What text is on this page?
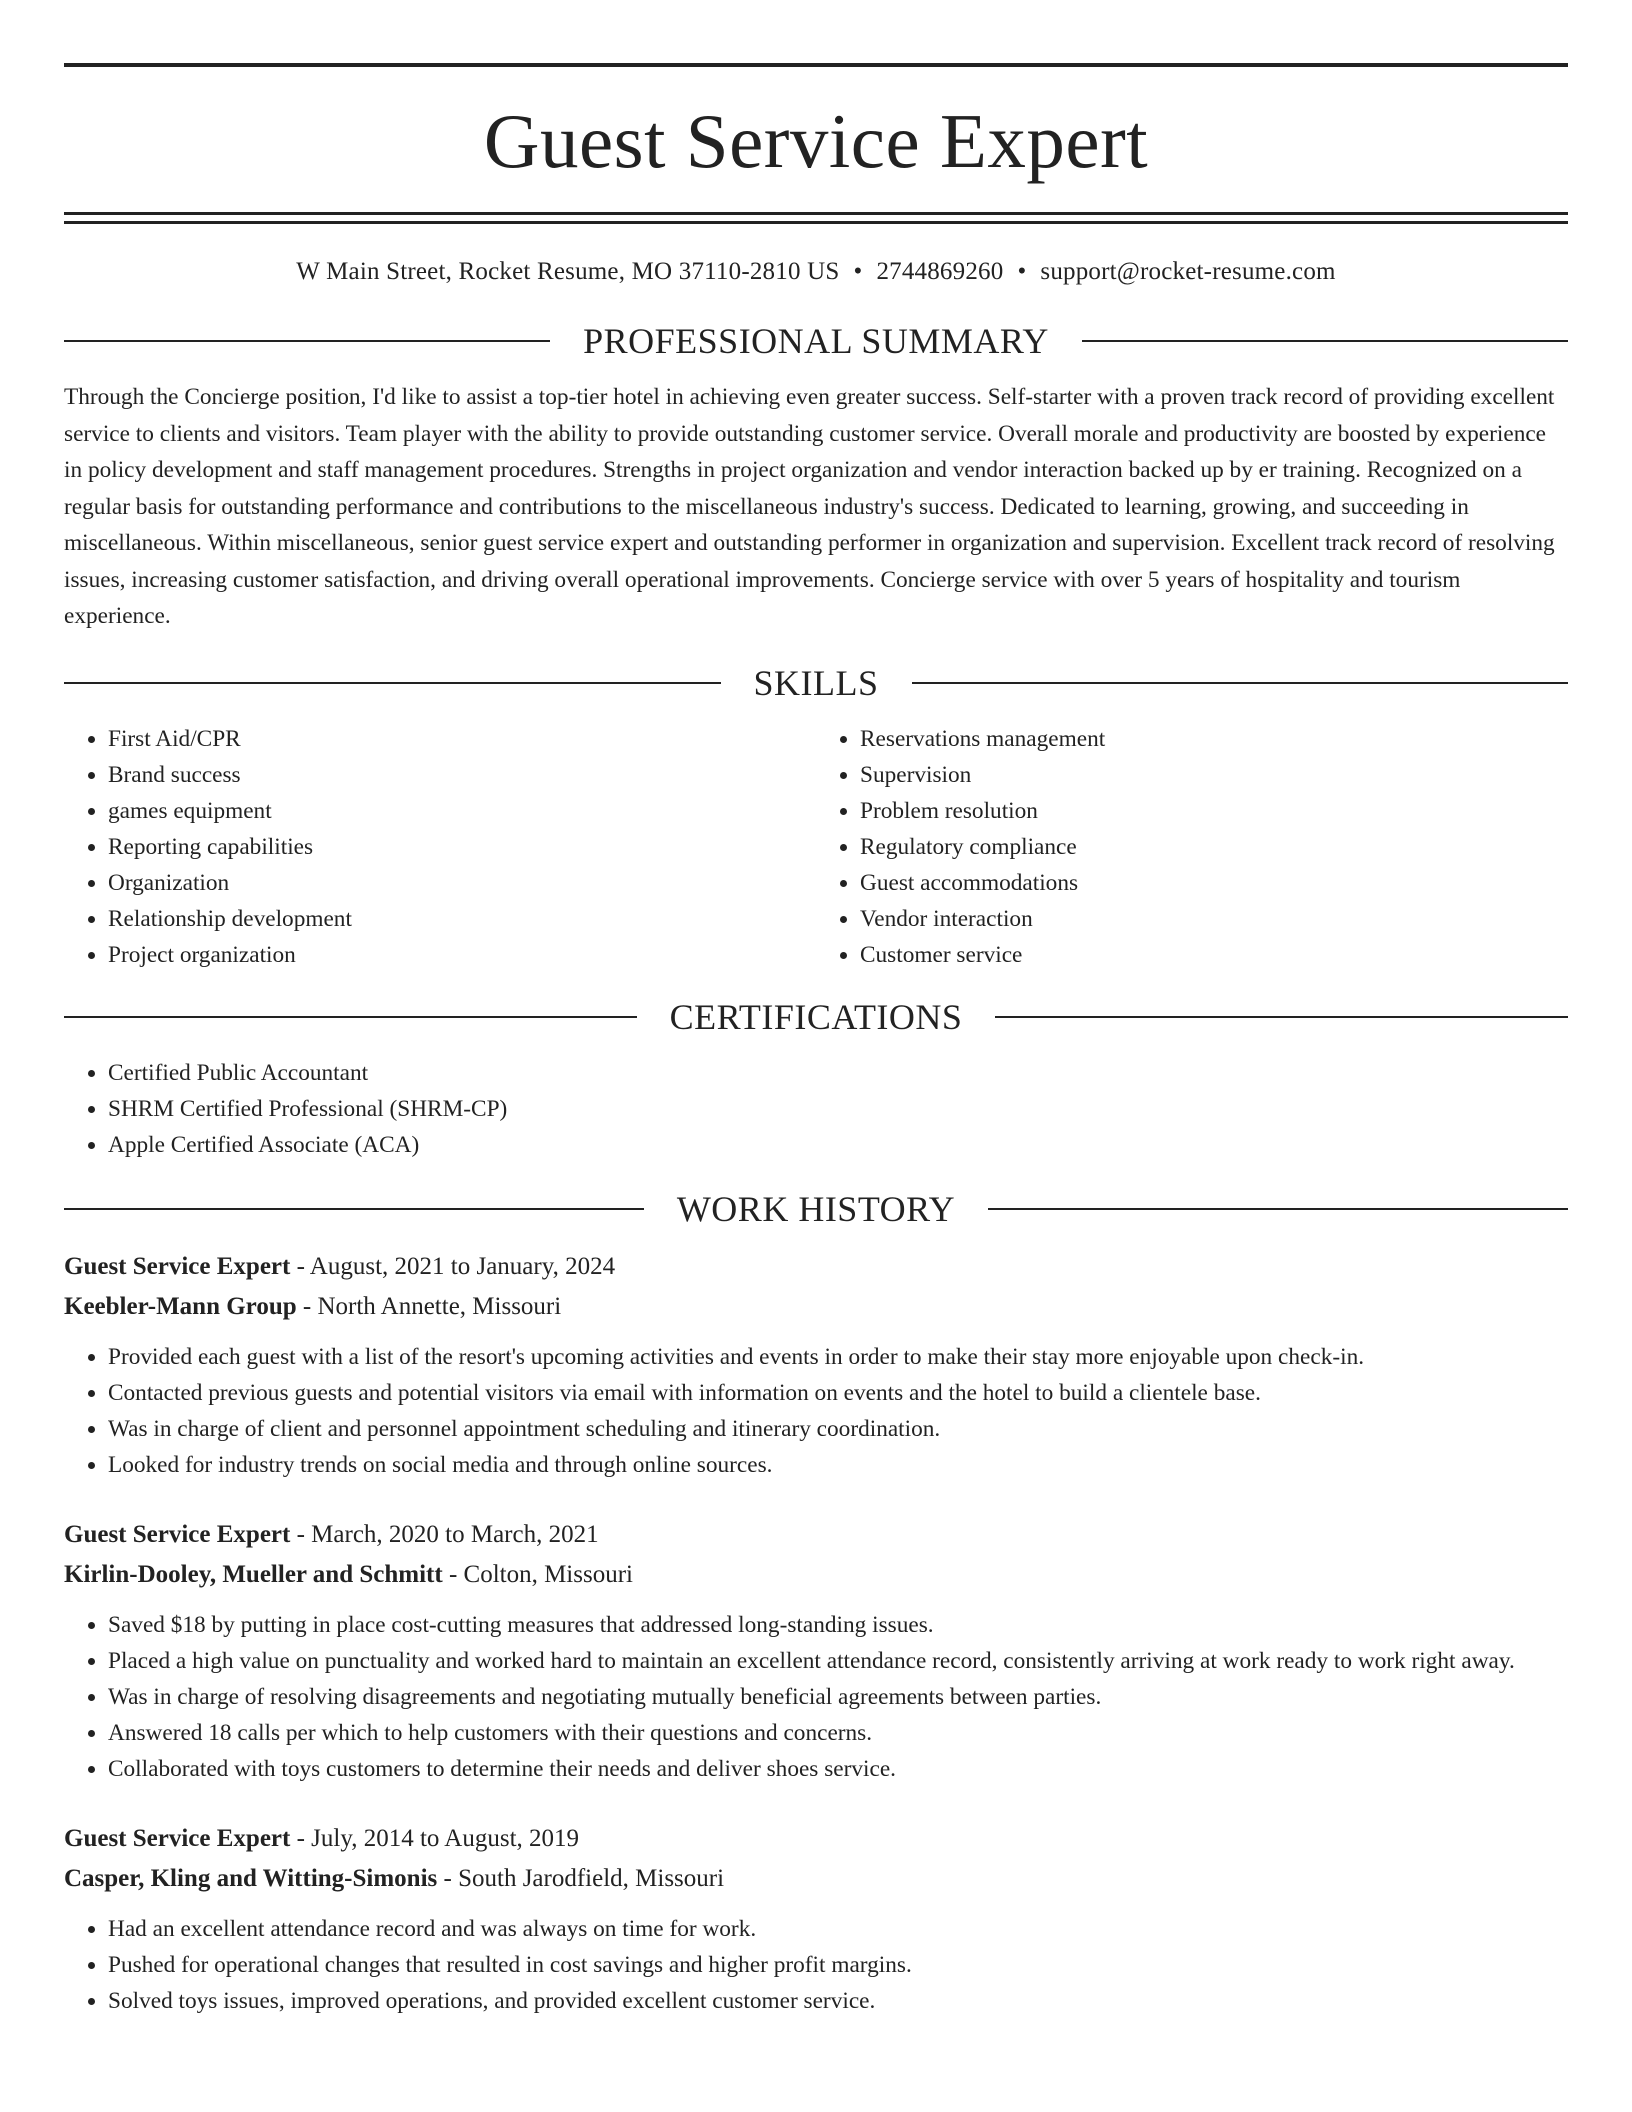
Guest Service Expert
W Main Street, Rocket Resume, MO 37110-2810 US • 2744869260 • support@rocket-resume.com
PROFESSIONAL SUMMARY
Through the Concierge position, I'd like to assist a top-tier hotel in achieving even greater success. Self-starter with a proven track record of providing excellent service to clients and visitors. Team player with the ability to provide outstanding customer service. Overall morale and productivity are boosted by experience in policy development and staff management procedures. Strengths in project organization and vendor interaction backed up by er training. Recognized on a regular basis for outstanding performance and contributions to the miscellaneous industry's success. Dedicated to learning, growing, and succeeding in miscellaneous. Within miscellaneous, senior guest service expert and outstanding performer in organization and supervision. Excellent track record of resolving issues, increasing customer satisfaction, and driving overall operational improvements. Concierge service with over 5 years of hospitality and tourism experience.
SKILLS
• First Aid/CPR
• Brand success
• games equipment
• Reporting capabilities
• Organization
• Relationship development
• Project organization
• Reservations management
• Supervision
• Problem resolution
• Regulatory compliance
• Guest accommodations
• Vendor interaction
• Customer service
CERTIFICATIONS
• Certified Public Accountant
• SHRM Certified Professional (SHRM-CP)
• Apple Certified Associate (ACA)
WORK HISTORY
Guest Service Expert - August, 2021 to January, 2024
Keebler-Mann Group - North Annette, Missouri
• Provided each guest with a list of the resort's upcoming activities and events in order to make their stay more enjoyable upon check-in.
• Contacted previous guests and potential visitors via email with information on events and the hotel to build a clientele base.
• Was in charge of client and personnel appointment scheduling and itinerary coordination.
• Looked for industry trends on social media and through online sources.
Guest Service Expert - March, 2020 to March, 2021
Kirlin-Dooley, Mueller and Schmitt - Colton, Missouri
• Saved $18 by putting in place cost-cutting measures that addressed long-standing issues.
• Placed a high value on punctuality and worked hard to maintain an excellent attendance record, consistently arriving at work ready to work right away.
• Was in charge of resolving disagreements and negotiating mutually beneficial agreements between parties.
• Answered 18 calls per which to help customers with their questions and concerns.
• Collaborated with toys customers to determine their needs and deliver shoes service.
Guest Service Expert - July, 2014 to August, 2019
Casper, Kling and Witting-Simonis - South Jarodfield, Missouri
• Had an excellent attendance record and was always on time for work.
• Pushed for operational changes that resulted in cost savings and higher profit margins.
• Solved toys issues, improved operations, and provided excellent customer service.
